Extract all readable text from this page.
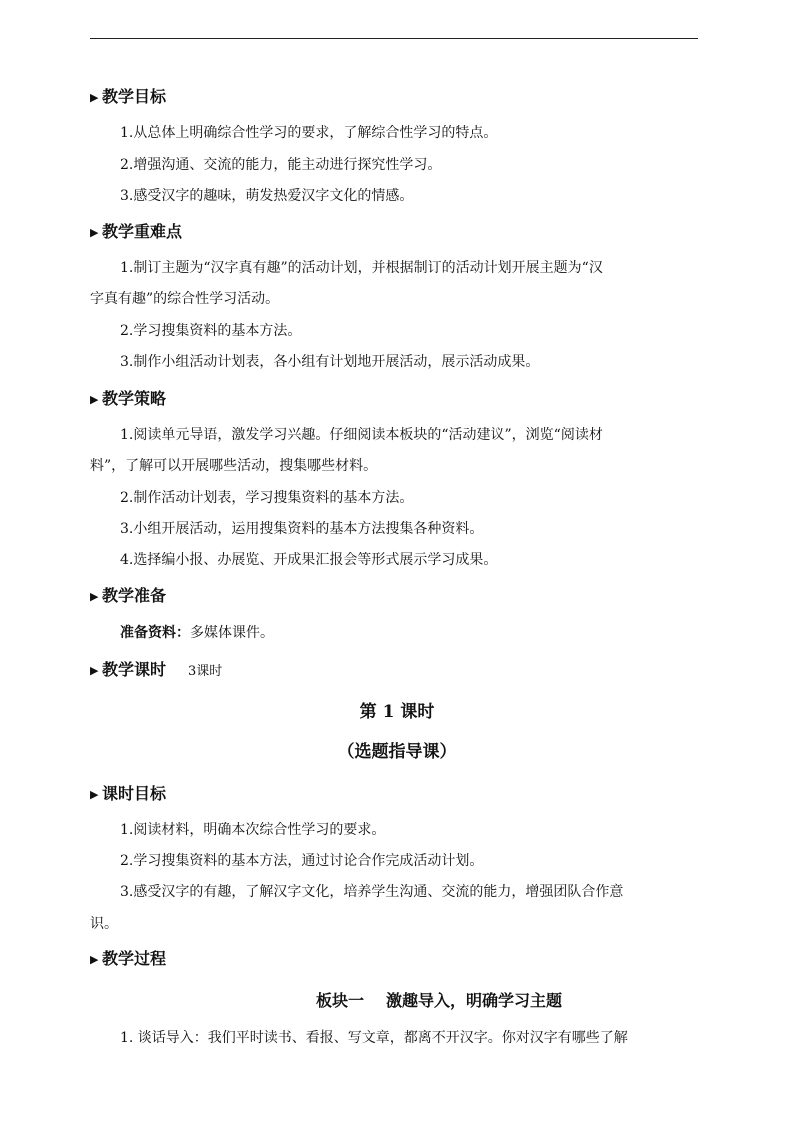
▶ 教学目标
1.从总体上明确综合性学习的要求，了解综合性学习的特点。
2.增强沟通、交流的能力，能主动进行探究性学习。
3.感受汉字的趣味，萌发热爱汉字文化的情感。
▶ 教学重难点
1.制订主题为“汉字真有趣”的活动计划，并根据制订的活动计划开展主题为“汉
字真有趣”的综合性学习活动。
2.学习搜集资料的基本方法。
3.制作小组活动计划表，各小组有计划地开展活动，展示活动成果。
▶ 教学策略
1.阅读单元导语，激发学习兴趣。仔细阅读本板块的“活动建议”，浏览“阅读材
料”，了解可以开展哪些活动，搜集哪些材料。
2.制作活动计划表，学习搜集资料的基本方法。
3.小组开展活动，运用搜集资料的基本方法搜集各种资料。
4.选择编小报、办展览、开成果汇报会等形式展示学习成果。
▶ 教学准备
准备资料：多媒体课件。
▶ 教学课时 3课时
第 1 课时
（选题指导课）
▶ 课时目标
1.阅读材料，明确本次综合性学习的要求。
2.学习搜集资料的基本方法，通过讨论合作完成活动计划。
3.感受汉字的有趣，了解汉字文化，培养学生沟通、交流的能力，增强团队合作意
识。
▶ 教学过程
板块一 激趣导入，明确学习主题
1. 谈话导入：我们平时读书、看报、写文章，都离不开汉字。你对汉字有哪些了解
